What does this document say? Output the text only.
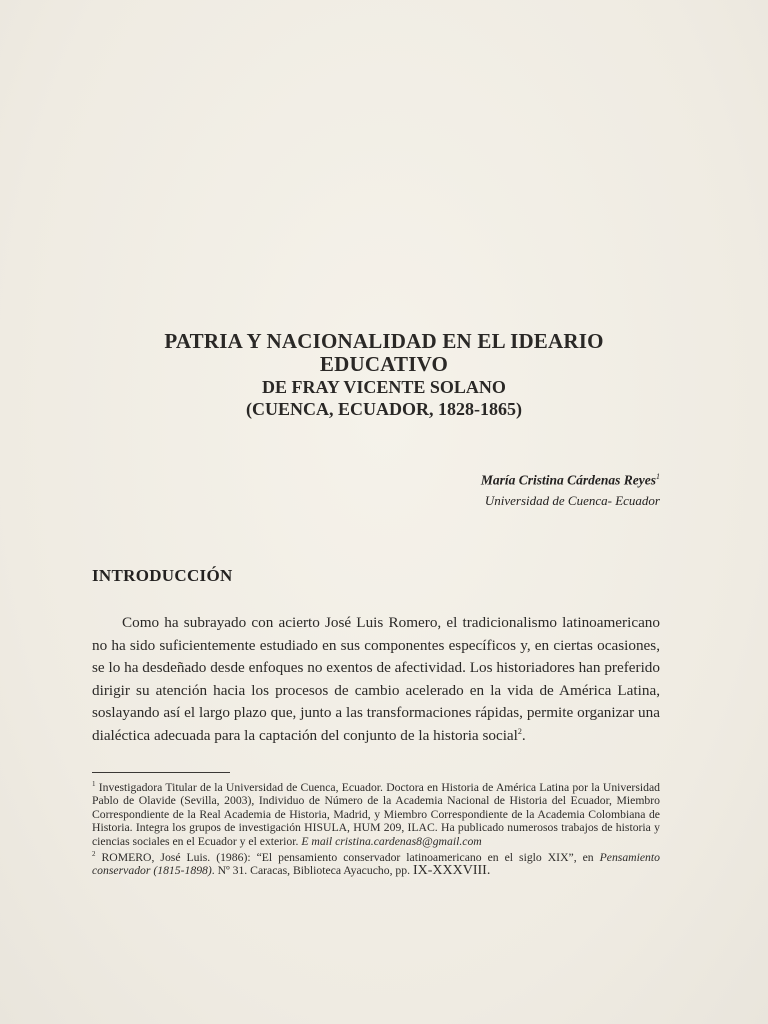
PATRIA Y NACIONALIDAD EN EL IDEARIO
EDUCATIVO
DE FRAY VICENTE SOLANO
(CUENCA, ECUADOR, 1828-1865)
María Cristina Cárdenas Reyes$^1$
Universidad de Cuenca- Ecuador
INTRODUCCIÓN

Como ha subrayado con acierto José Luis Romero, el tradicionalismo latinoamericano no ha sido suficientemente estudiado en sus componentes específicos y, en ciertas ocasiones, se lo ha desdeñado desde enfoques no exentos de afectividad. Los historiadores han preferido dirigir su atención hacia los procesos de cambio acelerado en la vida de América Latina, soslayando así el largo plazo que, junto a las transformaciones rápidas, permite organizar una dialéctica adecuada para la captación del conjunto de la historia social$^2$.

$^1$ Investigadora Titular de la Universidad de Cuenca, Ecuador. Doctora en Historia de América Latina por la Universidad Pablo de Olavide (Sevilla, 2003), Individuo de Número de la Academia Nacional de Historia del Ecuador, Miembro Correspondiente de la Real Academia de Historia, Madrid, y Miembro Correspondiente de la Academia Colombiana de Historia. Integra los grupos de investigación HISULA, HUM 209, ILAC. Ha publicado numerosos trabajos de historia y ciencias sociales en el Ecuador y el exterior. E mail cristina.cardenas8@gmail.com

$^2$ ROMERO, José Luis. (1986): “El pensamiento conservador latinoamericano en el siglo XIX”, en Pensamiento conservador (1815-1898). Nº 31. Caracas, Biblioteca Ayacucho, pp. IX-XXXVIII.
